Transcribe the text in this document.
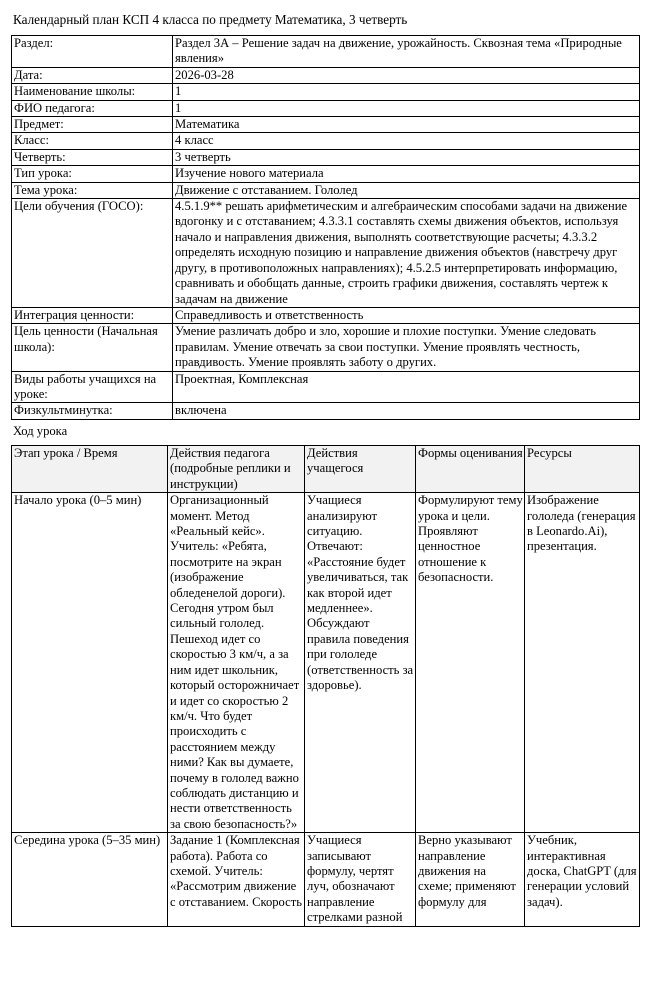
Календарный план КСП 4 класса по предмету Математика, 3 четверть
Раздел:	Раздел 3А – Решение задач на движение, урожайность. Сквозная тема «Природные явления»
Дата:	2026-03-28
Наименование школы:	1
ФИО педагога:	1
Предмет:	Математика
Класс:	4 класс
Четверть:	3 четверть
Тип урока:	Изучение нового материала
Тема урока:	Движение с отставанием. Гололед
Цели обучения (ГОСО):	4.5.1.9** решать арифметическим и алгебраическим способами задачи на движение вдогонку и с отставанием; 4.3.3.1 составлять схемы движения объектов, используя начало и направления движения, выполнять соответствующие расчеты; 4.3.3.2 определять исходную позицию и направление движения объектов (навстречу друг другу, в противоположных направлениях); 4.5.2.5 интерпретировать информацию, сравнивать и обобщать данные, строить графики движения, составлять чертеж к задачам на движение
Интеграция ценности:	Справедливость и ответственность
Цель ценности (Начальная школа):	Умение различать добро и зло, хорошие и плохие поступки. Умение следовать правилам. Умение отвечать за свои поступки. Умение проявлять честность, правдивость. Умение проявлять заботу о других.
Виды работы учащихся на уроке:	Проектная, Комплексная
Физкультминутка:	включена
Ход урока
Этап урока / Время	Действия педагога (подробные реплики и инструкции)	Действия учащегося	Формы оценивания	Ресурсы
Начало урока (0–5 мин)	Организационный момент. Метод «Реальный кейс». Учитель: «Ребята, посмотрите на экран (изображение обледенелой дороги). Сегодня утром был сильный гололед. Пешеход идет со скоростью 3 км/ч, а за ним идет школьник, который осторожничает и идет со скоростью 2 км/ч. Что будет происходить с расстоянием между ними? Как вы думаете, почему в гололед важно соблюдать дистанцию и нести ответственность за свою безопасность?»	Учащиеся анализируют ситуацию. Отвечают: «Расстояние будет увеличиваться, так как второй идет медленнее». Обсуждают правила поведения при гололеде (ответственность за здоровье).	Формулируют тему урока и цели. Проявляют ценностное отношение к безопасности.	Изображение гололеда (генерация в Leonardo.Ai), презентация.
Середина урока (5–35 мин)	Задание 1 (Комплексная работа). Работа со схемой. Учитель: «Рассмотрим движение с отставанием. Скорость	Учащиеся записывают формулу, чертят луч, обозначают направление стрелками разной	Верно указывают направление движения на схеме; применяют формулу для	Учебник, интерактивная доска, ChatGPT (для генерации условий задач).
